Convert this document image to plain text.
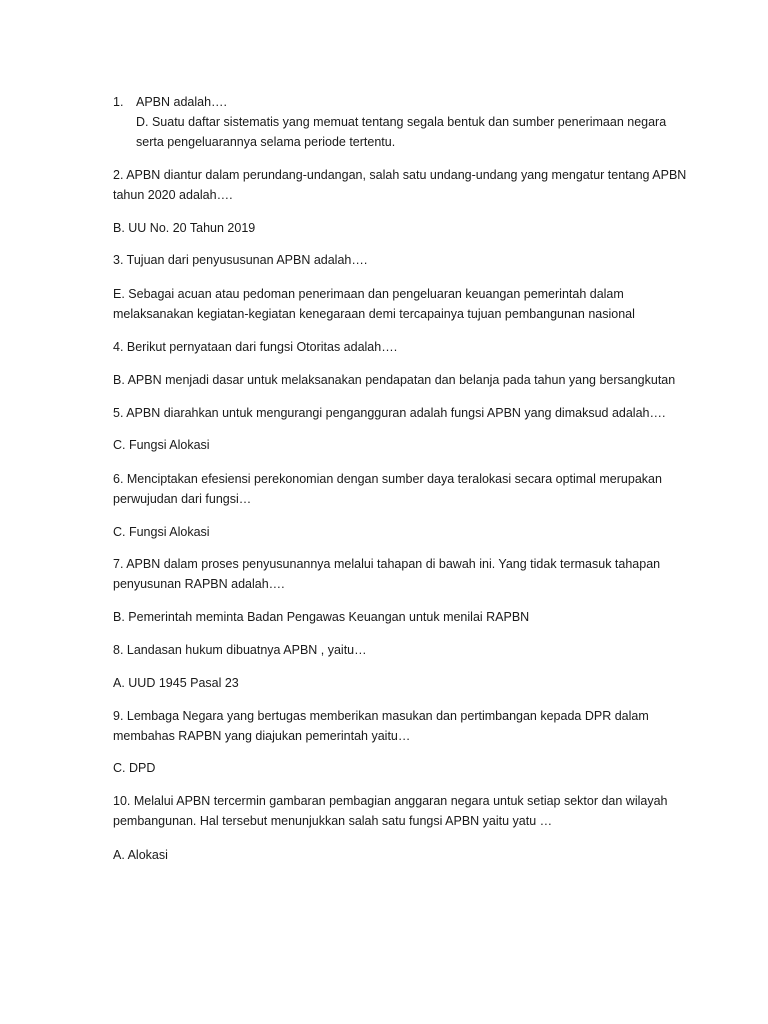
1. APBN adalah….
D. Suatu daftar sistematis yang memuat tentang segala bentuk dan sumber penerimaan negara serta pengeluarannya selama periode tertentu.

2. APBN diantur dalam perundang-undangan, salah satu undang-undang yang mengatur tentang APBN tahun 2020 adalah….

B. UU No. 20 Tahun 2019

3. Tujuan dari penyususunan APBN adalah….

E. Sebagai acuan atau pedoman penerimaan dan pengeluaran keuangan pemerintah dalam melaksanakan kegiatan-kegiatan kenegaraan demi tercapainya tujuan pembangunan nasional

4. Berikut pernyataan dari fungsi Otoritas adalah….

B. APBN menjadi dasar untuk melaksanakan pendapatan dan belanja pada tahun yang bersangkutan

5. APBN diarahkan untuk mengurangi pengangguran adalah fungsi APBN yang dimaksud adalah….

C. Fungsi Alokasi

6. Menciptakan efesiensi perekonomian dengan sumber daya teralokasi secara optimal merupakan perwujudan dari fungsi…

C. Fungsi Alokasi

7. APBN dalam proses penyusunannya melalui tahapan di bawah ini. Yang tidak termasuk tahapan penyusunan RAPBN adalah….

B. Pemerintah meminta Badan Pengawas Keuangan untuk menilai RAPBN

8. Landasan hukum dibuatnya APBN , yaitu…

A. UUD 1945 Pasal 23

9. Lembaga Negara yang bertugas memberikan masukan dan pertimbangan kepada DPR dalam membahas RAPBN yang diajukan pemerintah yaitu…

C. DPD

10. Melalui APBN tercermin gambaran pembagian anggaran negara untuk setiap sektor dan wilayah pembangunan. Hal tersebut menunjukkan salah satu fungsi APBN yaitu yatu …

A. Alokasi
